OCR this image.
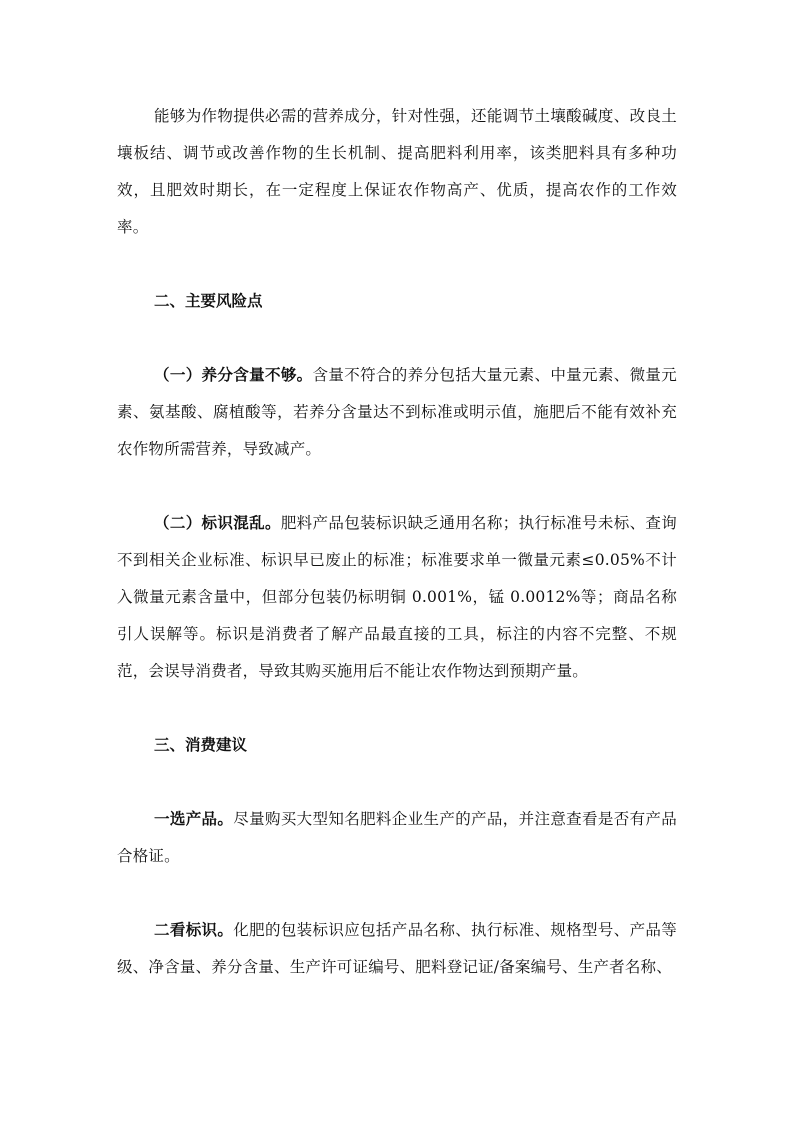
能够为作物提供必需的营养成分，针对性强，还能调节土壤酸碱度、改良土壤板结、调节或改善作物的生长机制、提高肥料利用率，该类肥料具有多种功效，且肥效时期长，在一定程度上保证农作物高产、优质，提高农作的工作效率。

二、主要风险点

（一）养分含量不够。含量不符合的养分包括大量元素、中量元素、微量元素、氨基酸、腐植酸等，若养分含量达不到标准或明示值，施肥后不能有效补充农作物所需营养，导致减产。

（二）标识混乱。肥料产品包装标识缺乏通用名称；执行标准号未标、查询不到相关企业标准、标识早已废止的标准；标准要求单一微量元素≤0.05%不计入微量元素含量中，但部分包装仍标明铜 0.001%，锰 0.0012%等；商品名称引人误解等。标识是消费者了解产品最直接的工具，标注的内容不完整、不规范，会误导消费者，导致其购买施用后不能让农作物达到预期产量。

三、消费建议

一选产品。尽量购买大型知名肥料企业生产的产品，并注意查看是否有产品合格证。

二看标识。化肥的包装标识应包括产品名称、执行标准、规格型号、产品等级、净含量、养分含量、生产许可证编号、肥料登记证/备案编号、生产者名称、
